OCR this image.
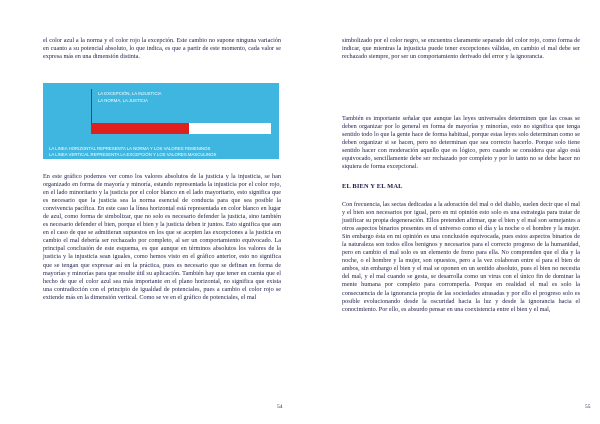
el color azul a la norma y el color rojo la excepción. Este cambio no supone ninguna variación en cuanto a su potencial absoluto, lo que indica, es que a partir de este momento, cada valor se expresa más en una dimensión distinta.

LA EXCEPCIÓN, LA INJUSTICIA
LA NORMA, LA JUSTICIA
LA LINEA HORIZONTAL REPRESENTA LA NORMA Y LOS VALORES FEMENINOS
LA LINEA VERTICAL REPRESENTA LA EXCEPCIÓN Y LOS VALORES MASCULINOS

En este gráfico podemos ver como los valores absolutos de la justicia y la injusticia, se han organizado en forma de mayoría y minoría, estando representada la injusticia por el color rojo, en el lado minoritario y la justicia por el color blanco en el lado mayoritario, esto significa que es necesario que la justicia sea la norma esencial de conducta para que sea posible la convivencia pacífica. En este caso la línea horizontal está representada en color blanco en lugar de azul, como forma de simbolizar, que no solo es necesario defender la justicia, sino también es necesario defender el bien, porque el bien y la justicia deben ir juntos. Esto significa que aun en el caso de que se admitieran supuestos en los que se acepten las excepciones a la justicia en cambio el mal debería ser rechazado por completo, al ser un comportamiento equivocado. La principal conclusión de este esquema, es que aunque en términos absolutos los valores de la justicia y la injusticia sean iguales, como hemos visto en el gráfico anterior, esto no significa que se tengan que expresar así en la práctica, pues es necesario que se definan en forma de mayorías y minorías para que resulte útil su aplicación. También hay que tener en cuenta que el hecho de que el color azul sea más importante en el plano horizontal, no significa que exista una contradicción con el principio de igualdad de potenciales, pues a cambio el color rojo se extiende más en la dimensión vertical. Como se ve en el gráfico de potenciales, el mal

54

simbolizado por el color negro, se encuentra claramente separado del color rojo, como forma de indicar, que mientras la injusticia puede tener excepciones válidas, en cambio el mal debe ser rechazado siempre, por ser un comportamiento derivado del error y la ignorancia.

También es importante señalar que aunque las leyes universales determinen que las cosas se deben organizar por lo general en forma de mayorías y minorías, esto no significa que tenga sentido todo lo que la gente hace de forma habitual, porque estas leyes solo determinan como se deben organizar si se hacen, pero no determinan que sea correcto hacerlo. Porque solo tiene sentido hacer con moderación aquello que es lógico, pero cuando se considera que algo está equivocado, sencillamente debe ser rechazado por completo y por lo tanto no se debe hacer no siquiera de forma excepcional.

EL BIEN Y EL MAL

Con frecuencia, las sectas dedicadas a la adoración del mal o del diablo, suelen decir que el mal y el bien son necesarios por igual, pero en mi opinión esto solo es una estrategia para tratar de justificar su propia degeneración. Ellos pretenden afirmar, que el bien y el mal son semejantes a otros aspectos binarios presentes en el universo como el día y la noche o el hombre y la mujer. Sin embargo ésta en mi opinión es una conclusión equivocada, pues estos aspectos binarios de la naturaleza son todos ellos benignos y necesarios para el correcto progreso de la humanidad, pero en cambio el mal solo es un elemento de freno para ella. No comprenden que el día y la noche, o el hombre y la mujer, son opuestos, pero a la vez colaboran entre sí para el bien de ambos, sin embargo el bien y el mal se oponen en un sentido absoluto, pues el bien no necesita del mal, y el mal cuando se gesta, se desarrolla como un virus con el único fin de dominar la mente humana por completo para corromperla. Porque en realidad el mal es solo la consecuencia de la ignorancia propia de las sociedades atrasadas y por ello el progreso solo es posible evolucionando desde la oscuridad hacia la luz y desde la ignorancia hacia el conocimiento. Por ello, es absurdo pensar en una coexistencia entre el bien y el mal,

55
